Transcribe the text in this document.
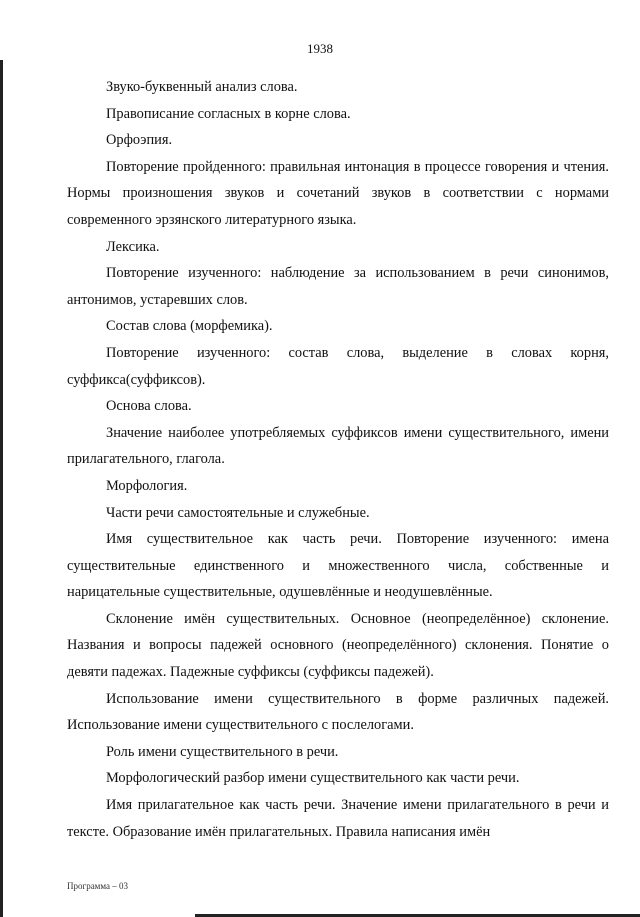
1938

Звуко-буквенный анализ слова.

Правописание согласных в корне слова.

Орфоэпия.

Повторение пройденного: правильная интонация в процессе говорения и чтения. Нормы произношения звуков и сочетаний звуков в соответствии с нормами современного эрзянского литературного языка.

Лексика.

Повторение изученного: наблюдение за использованием в речи синонимов, антонимов, устаревших слов.

Состав слова (морфемика).

Повторение изученного: состав слова, выделение в словах корня, суффикса(суффиксов).

Основа слова.

Значение наиболее употребляемых суффиксов имени существительного, имени прилагательного, глагола.

Морфология.

Части речи самостоятельные и служебные.

Имя существительное как часть речи. Повторение изученного: имена существительные единственного и множественного числа, собственные и нарицательные существительные, одушевлённые и неодушевлённые.

Склонение имён существительных. Основное (неопределённое) склонение. Названия и вопросы падежей основного (неопределённого) склонения. Понятие о девяти падежах. Падежные суффиксы (суффиксы падежей).

Использование имени существительного в форме различных падежей. Использование имени существительного с послелогами.

Роль имени существительного в речи.

Морфологический разбор имени существительного как части речи.

Имя прилагательное как часть речи. Значение имени прилагательного в речи и тексте. Образование имён прилагательных. Правила написания имён

Программа – 03
